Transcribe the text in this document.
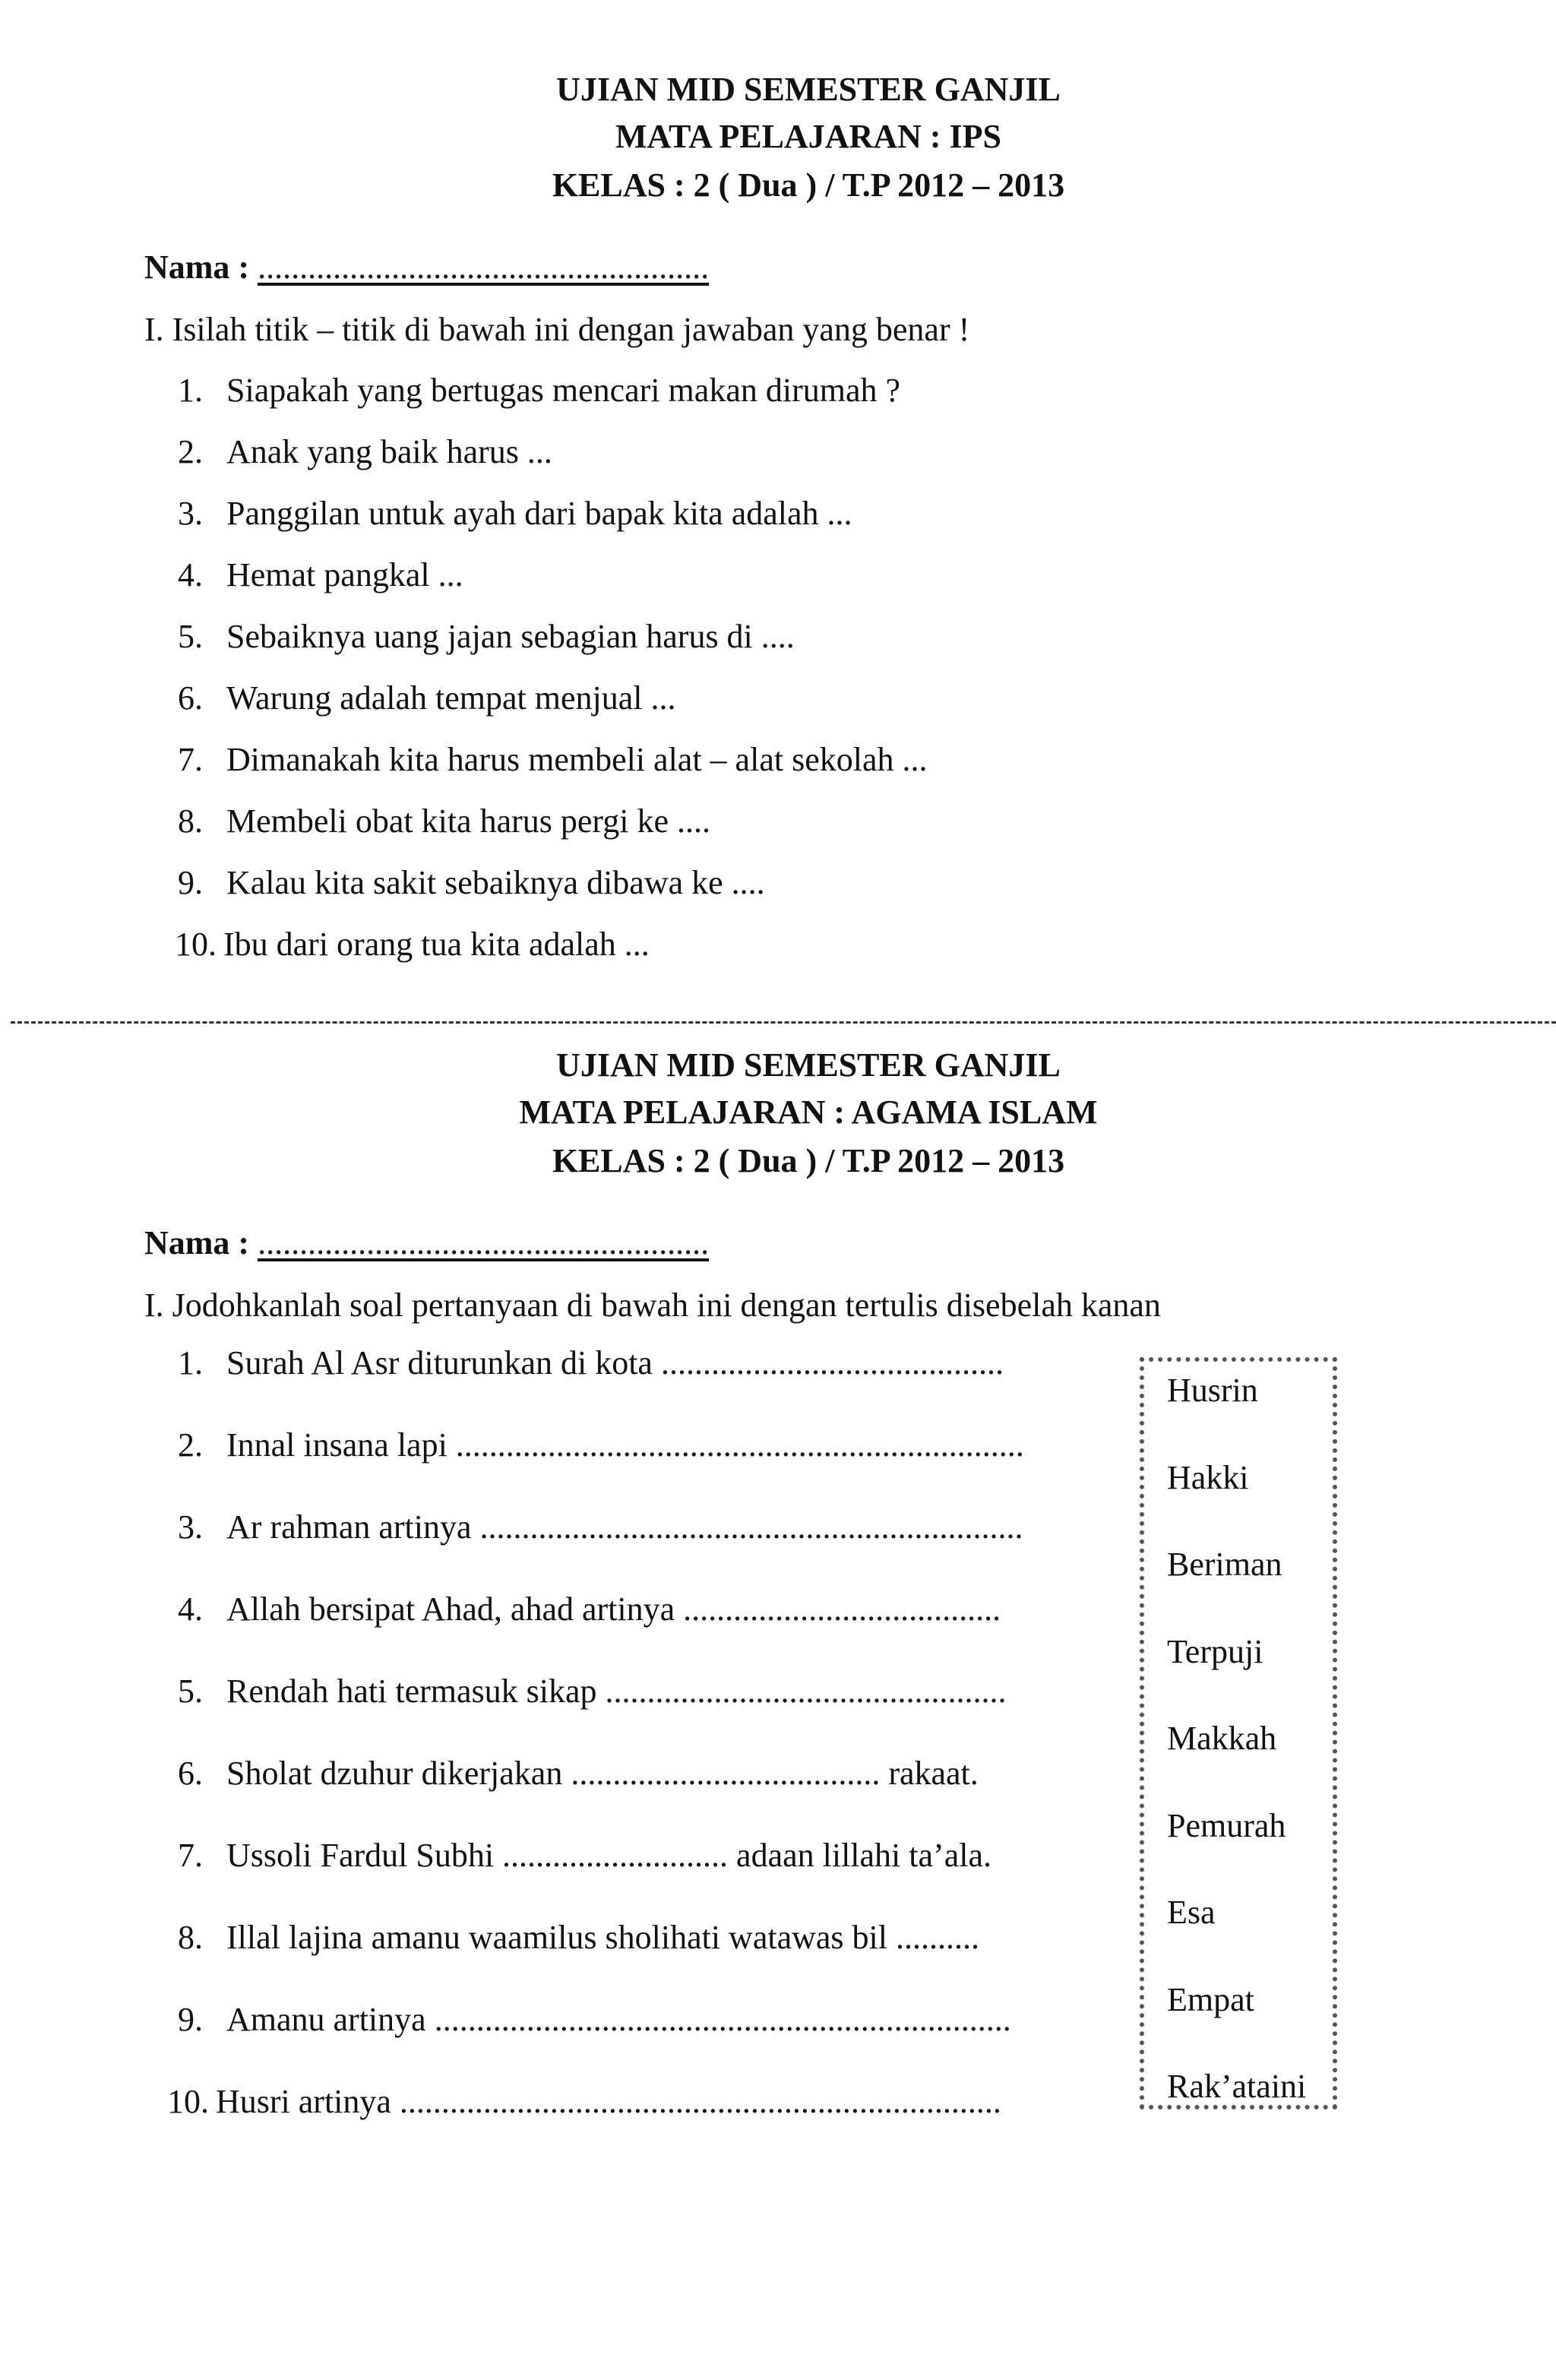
UJIAN MID SEMESTER GANJIL
MATA PELAJARAN : IPS
KELAS : 2 ( Dua ) / T.P 2012 – 2013
Nama : ......................................................
I. Isilah titik – titik di bawah ini dengan jawaban yang benar !
1. Siapakah yang bertugas mencari makan dirumah ?
2. Anak yang baik harus ...
3. Panggilan untuk ayah dari bapak kita adalah ...
4. Hemat pangkal ...
5. Sebaiknya uang jajan sebagian harus di ....
6. Warung adalah tempat menjual ...
7. Dimanakah kita harus membeli alat – alat sekolah ...
8. Membeli obat kita harus pergi ke ....
9. Kalau kita sakit sebaiknya dibawa ke ....
10. Ibu dari orang tua kita adalah ...
UJIAN MID SEMESTER GANJIL
MATA PELAJARAN : AGAMA ISLAM
KELAS : 2 ( Dua ) / T.P 2012 – 2013
Nama : ......................................................
I. Jodohkanlah soal pertanyaan di bawah ini dengan tertulis disebelah kanan
1. Surah Al Asr diturunkan di kota .........................................
2. Innal insana lapi ....................................................................
3. Ar rahman artinya .................................................................
4. Allah bersipat Ahad, ahad artinya ......................................
5. Rendah hati termasuk sikap ................................................
6. Sholat dzuhur dikerjakan ..................................... rakaat.
7. Ussoli Fardul Subhi ........................... adaan lillahi ta’ala.
8. Illal lajina amanu waamilus sholihati watawas bil ..........
9. Amanu artinya .....................................................................
10. Husri artinya ........................................................................
Husrin
Hakki
Beriman
Terpuji
Makkah
Pemurah
Esa
Empat
Rak’ataini
